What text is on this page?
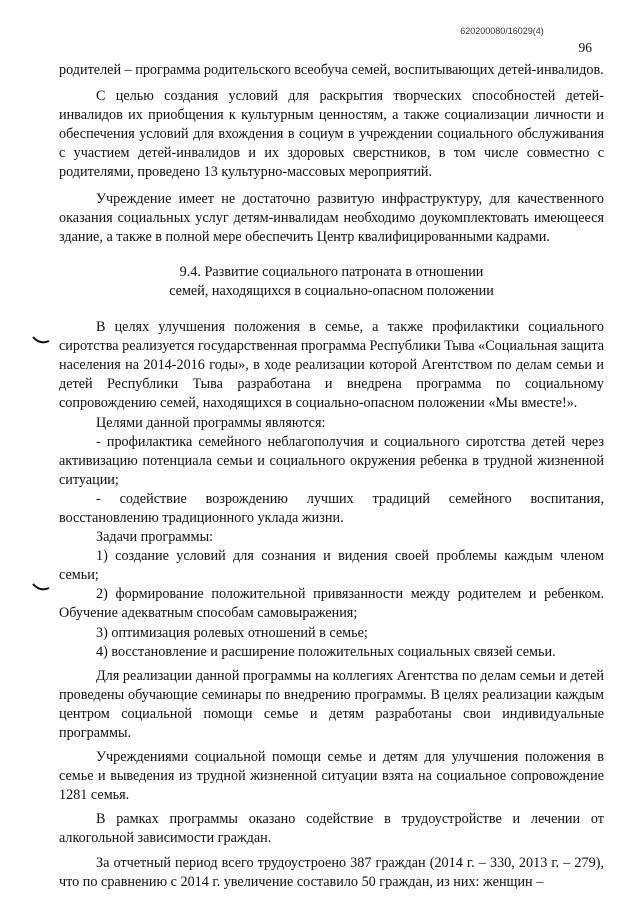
620200080/16029(4)
96

родителей – программа родительского всеобуча семей, воспитывающих детей-инвалидов.

С целью создания условий для раскрытия творческих способностей детей-инвалидов их приобщения к культурным ценностям, а также социализации личности и обеспечения условий для вхождения в социум в учреждении социального обслуживания с участием детей-инвалидов и их здоровых сверстников, в том числе совместно с родителями, проведено 13 культурно-массовых мероприятий.

Учреждение имеет не достаточно развитую инфраструктуру, для качественного оказания социальных услуг детям-инвалидам необходимо доукомплектовать имеющееся здание, а также в полной мере обеспечить Центр квалифицированными кадрами.

9.4. Развитие социального патроната в отношении
семей, находящихся в социально-опасном положении

В целях улучшения положения в семье, а также профилактики социального сиротства реализуется государственная программа Республики Тыва «Социальная защита населения на 2014-2016 годы», в ходе реализации которой Агентством по делам семьи и детей Республики Тыва разработана и внедрена программа по социальному сопровождению семей, находящихся в социально-опасном положении «Мы вместе!».

Целями данной программы являются:

- профилактика семейного неблагополучия и социального сиротства детей через активизацию потенциала семьи и социального окружения ребенка в трудной жизненной ситуации;

- содействие возрождению лучших традиций семейного воспитания, восстановлению традиционного уклада жизни.

Задачи программы:

1) создание условий для сознания и видения своей проблемы каждым членом семьи;

2) формирование положительной привязанности между родителем и ребенком. Обучение адекватным способам самовыражения;

3) оптимизация ролевых отношений в семье;

4) восстановление и расширение положительных социальных связей семьи.

Для реализации данной программы на коллегиях Агентства по делам семьи и детей проведены обучающие семинары по внедрению программы. В целях реализации каждым центром социальной помощи семье и детям разработаны свои индивидуальные программы.

Учреждениями социальной помощи семье и детям для улучшения положения в семье и выведения из трудной жизненной ситуации взята на социальное сопровождение 1281 семья.

В рамках программы оказано содействие в трудоустройстве и лечении от алкогольной зависимости граждан.

За отчетный период всего трудоустроено 387 граждан (2014 г. – 330, 2013 г. – 279), что по сравнению с 2014 г. увеличение составило 50 граждан, из них: женщин –
